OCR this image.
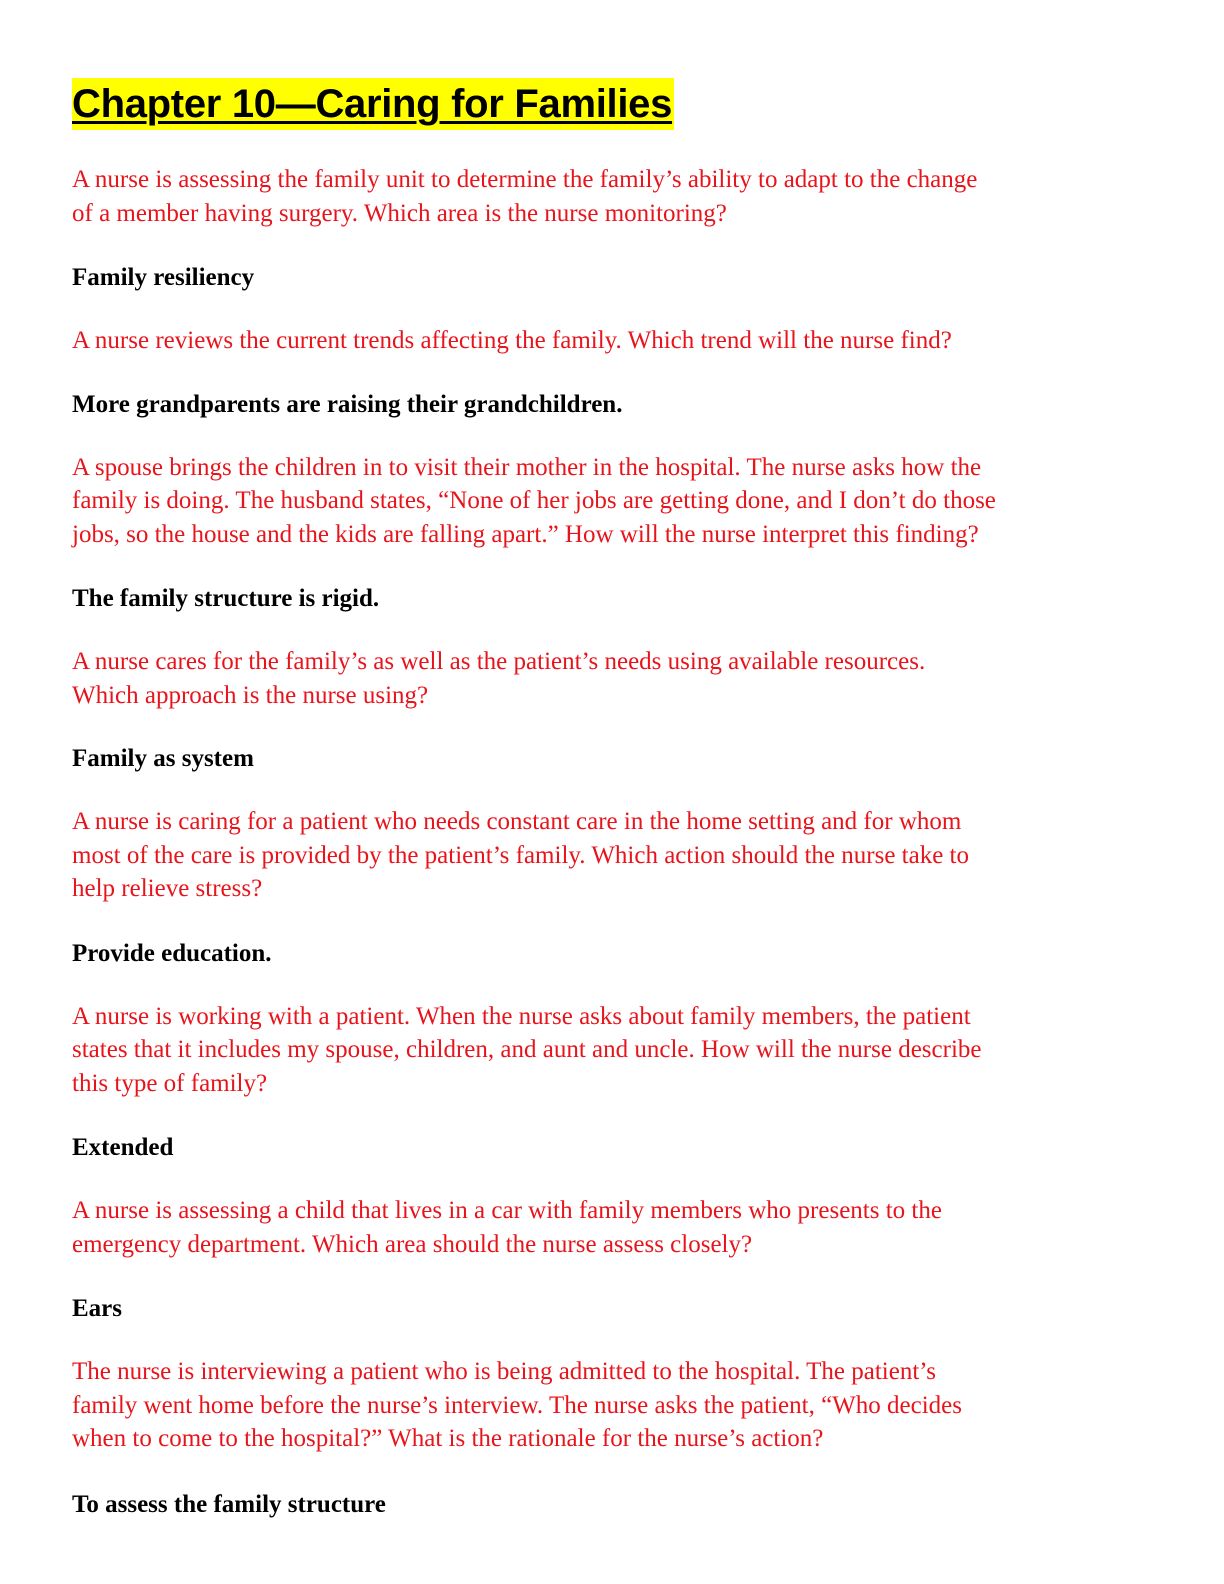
Chapter 10—Caring for Families

A nurse is assessing the family unit to determine the family’s ability to adapt to the change
of a member having surgery. Which area is the nurse monitoring?

Family resiliency

A nurse reviews the current trends affecting the family. Which trend will the nurse find?

More grandparents are raising their grandchildren.

A spouse brings the children in to visit their mother in the hospital. The nurse asks how the
family is doing. The husband states, “None of her jobs are getting done, and I don’t do those
jobs, so the house and the kids are falling apart.” How will the nurse interpret this finding?

The family structure is rigid.

A nurse cares for the family’s as well as the patient’s needs using available resources.
Which approach is the nurse using?

Family as system

A nurse is caring for a patient who needs constant care in the home setting and for whom
most of the care is provided by the patient’s family. Which action should the nurse take to
help relieve stress?

Provide education.

A nurse is working with a patient. When the nurse asks about family members, the patient
states that it includes my spouse, children, and aunt and uncle. How will the nurse describe
this type of family?

Extended

A nurse is assessing a child that lives in a car with family members who presents to the
emergency department. Which area should the nurse assess closely?

Ears

The nurse is interviewing a patient who is being admitted to the hospital. The patient’s
family went home before the nurse’s interview. The nurse asks the patient, “Who decides
when to come to the hospital?” What is the rationale for the nurse’s action?

To assess the family structure
